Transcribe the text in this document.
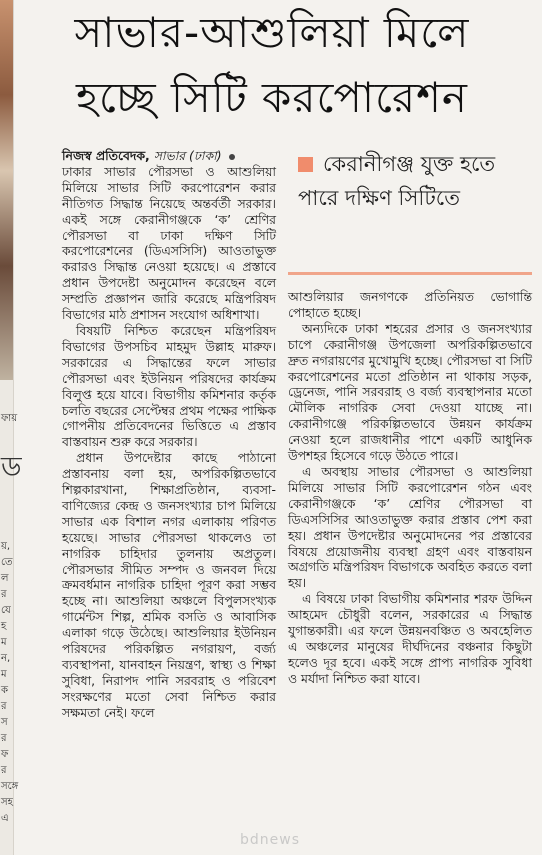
ফায়
ড
য়,
তে
ল
র
যে
হ
ম
ন,
ম
ক
র
স
র
ফ
র
সঙ্গে
সহ
এ
সাভার-আশুলিয়া মিলে
হচ্ছে সিটি করপোরেশন

নিজস্ব প্রতিবেদক, সাভার (ঢাকা)

ঢাকার সাভার পৌরসভা ও আশুলিয়া মিলিয়ে সাভার সিটি করপোরেশন করার নীতিগত সিদ্ধান্ত নিয়েছে অন্তর্বর্তী সরকার। একই সঙ্গে কেরানীগঞ্জকে ‘ক’ শ্রেণির পৌরসভা বা ঢাকা দক্ষিণ সিটি করপোরেশনের (ডিএসসিসি) আওতাভুক্ত করারও সিদ্ধান্ত নেওয়া হয়েছে। এ প্রস্তাবে প্রধান উপদেষ্টা অনুমোদন করেছেন বলে সম্প্রতি প্রজ্ঞাপন জারি করেছে মন্ত্রিপরিষদ বিভাগের মাঠ প্রশাসন সংযোগ অধিশাখা।

বিষয়টি নিশ্চিত করেছেন মন্ত্রিপরিষদ বিভাগের উপসচিব মাহমুদ উল্লাহ মারুফ। সরকারের এ সিদ্ধান্তের ফলে সাভার পৌরসভা এবং ইউনিয়ন পরিষদের কার্যক্রম বিলুপ্ত হয়ে যাবে। বিভাগীয় কমিশনার কর্তৃক চলতি বছরের সেপ্টেম্বর প্রথম পক্ষের পাক্ষিক গোপনীয় প্রতিবেদনের ভিত্তিতে এ প্রস্তাব বাস্তবায়ন শুরু করে সরকার।

প্রধান উপদেষ্টার কাছে পাঠানো প্রস্তাবনায় বলা হয়, অপরিকল্পিতভাবে শিল্পকারখানা, শিক্ষাপ্রতিষ্ঠান, ব্যবসা-বাণিজ্যের কেন্দ্র ও জনসংখ্যার চাপ মিলিয়ে সাভার এক বিশাল নগর এলাকায় পরিণত হয়েছে। সাভার পৌরসভা থাকলেও তা নাগরিক চাহিদার তুলনায় অপ্রতুল। পৌরসভার সীমিত সম্পদ ও জনবল দিয়ে ক্রমবর্ধমান নাগরিক চাহিদা পূরণ করা সম্ভব হচ্ছে না। আশুলিয়া অঞ্চলে বিপুলসংখ্যক গার্মেন্টস শিল্প, শ্রমিক বসতি ও আবাসিক এলাকা গড়ে উঠেছে। আশুলিয়ার ইউনিয়ন পরিষদের পরিকল্পিত নগরায়ণ, বর্জ্য ব্যবস্থাপনা, যানবাহন নিয়ন্ত্রণ, স্বাস্থ্য ও শিক্ষা সুবিধা, নিরাপদ পানি সরবরাহ ও পরিবেশ সংরক্ষণের মতো সেবা নিশ্চিত করার সক্ষমতা নেই। ফলে

কেরানীগঞ্জ যুক্ত হতে পারে দক্ষিণ সিটিতে

আশুলিয়ার জনগণকে প্রতিনিয়ত ভোগান্তি পোহাতে হচ্ছে।

অন্যদিকে ঢাকা শহরের প্রসার ও জনসংখ্যার চাপে কেরানীগঞ্জ উপজেলা অপরিকল্পিতভাবে দ্রুত নগরায়ণের মুখোমুখি হচ্ছে। পৌরসভা বা সিটি করপোরেশনের মতো প্রতিষ্ঠান না থাকায় সড়ক, ড্রেনেজ, পানি সরবরাহ ও বর্জ্য ব্যবস্থাপনার মতো মৌলিক নাগরিক সেবা দেওয়া যাচ্ছে না। কেরানীগঞ্জে পরিকল্পিতভাবে উন্নয়ন কার্যক্রম নেওয়া হলে রাজধানীর পাশে একটি আধুনিক উপশহর হিসেবে গড়ে উঠতে পারে।

এ অবস্থায় সাভার পৌরসভা ও আশুলিয়া মিলিয়ে সাভার সিটি করপোরেশন গঠন এবং কেরানীগঞ্জকে ‘ক’ শ্রেণির পৌরসভা বা ডিএসসিসির আওতাভুক্ত করার প্রস্তাব পেশ করা হয়। প্রধান উপদেষ্টার অনুমোদনের পর প্রস্তাবের বিষয়ে প্রয়োজনীয় ব্যবস্থা গ্রহণ এবং বাস্তবায়ন অগ্রগতি মন্ত্রিপরিষদ বিভাগকে অবহিত করতে বলা হয়।

এ বিষয়ে ঢাকা বিভাগীয় কমিশনার শরফ উদ্দিন আহমেদ চৌধুরী বলেন, সরকারের এ সিদ্ধান্ত যুগান্তকারী। এর ফলে উন্নয়নবঞ্চিত ও অবহেলিত এ অঞ্চলের মানুষের দীর্ঘদিনের বঞ্চনার কিছুটা হলেও দূর হবে। একই সঙ্গে প্রাপ্য নাগরিক সুবিধা ও মর্যাদা নিশ্চিত করা যাবে।

bdnews
